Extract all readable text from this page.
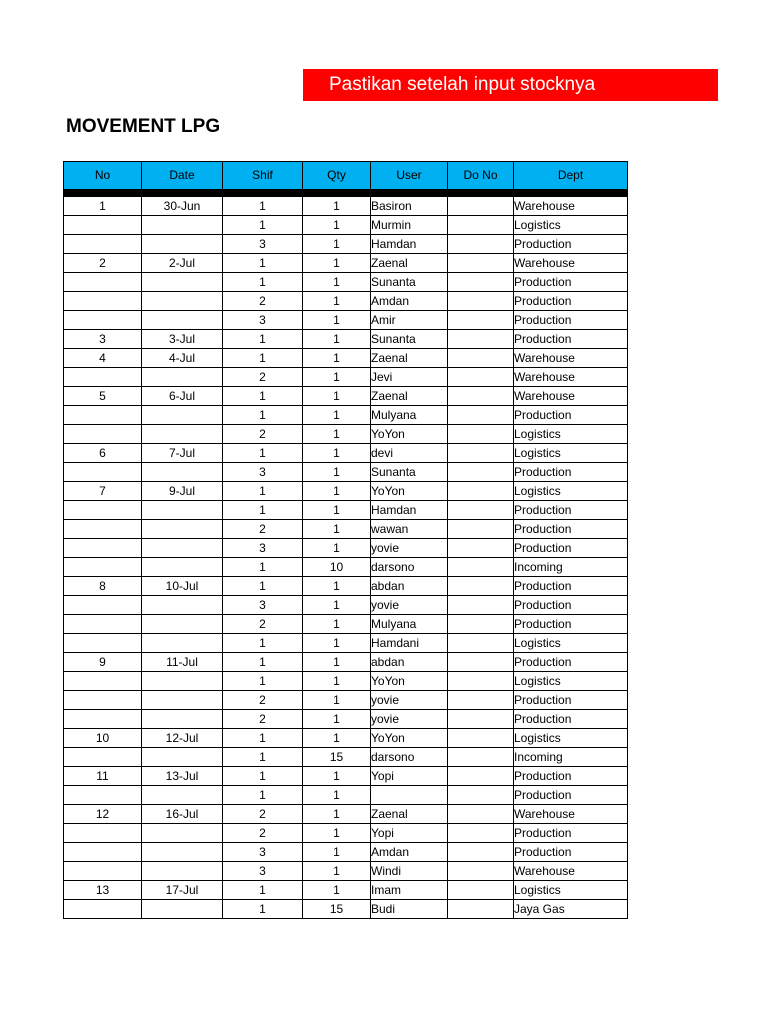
Pastikan setelah input stocknya
MOVEMENT LPG
No	Date	Shif	Qty	User	Do No	Dept

1	30-Jun	1	1	Basiron		Warehouse
		1	1	Murmin		Logistics
		3	1	Hamdan		Production
2	2-Jul	1	1	Zaenal		Warehouse
		1	1	Sunanta		Production
		2	1	Amdan		Production
		3	1	Amir		Production
3	3-Jul	1	1	Sunanta		Production
4	4-Jul	1	1	Zaenal		Warehouse
		2	1	Jevi		Warehouse
5	6-Jul	1	1	Zaenal		Warehouse
		1	1	Mulyana		Production
		2	1	YoYon		Logistics
6	7-Jul	1	1	devi		Logistics
		3	1	Sunanta		Production
7	9-Jul	1	1	YoYon		Logistics
		1	1	Hamdan		Production
		2	1	wawan		Production
		3	1	yovie		Production
		1	10	darsono		Incoming
8	10-Jul	1	1	abdan		Production
		3	1	yovie		Production
		2	1	Mulyana		Production
		1	1	Hamdani		Logistics
9	11-Jul	1	1	abdan		Production
		1	1	YoYon		Logistics
		2	1	yovie		Production
		2	1	yovie		Production
10	12-Jul	1	1	YoYon		Logistics
		1	15	darsono		Incoming
11	13-Jul	1	1	Yopi		Production
		1	1			Production
12	16-Jul	2	1	Zaenal		Warehouse
		2	1	Yopi		Production
		3	1	Amdan		Production
		3	1	Windi		Warehouse
13	17-Jul	1	1	Imam		Logistics
		1	15	Budi		Jaya Gas
